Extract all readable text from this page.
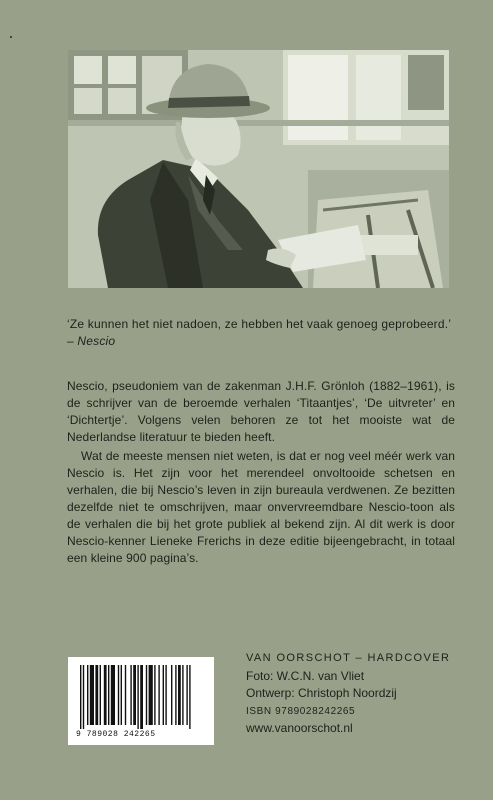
‘Ze kunnen het niet nadoen, ze hebben het vaak genoeg geprobeerd.’ – Nescio

Nescio, pseudoniem van de zakenman J.H.F. Grönloh (1882–1961), is de schrijver van de beroemde verhalen ‘Titaantjes’, ‘De uitvreter’ en ‘Dichtertje’. Volgens velen behoren ze tot het mooiste wat de Nederlandse literatuur te bieden heeft.

Wat de meeste mensen niet weten, is dat er nog veel méér werk van Nescio is. Het zijn voor het merendeel onvoltooide schetsen en verhalen, die bij Nescio’s leven in zijn bureaula verdwenen. Ze bezitten dezelfde niet te omschrijven, maar onvervreemdbare Nescio-toon als de verhalen die bij het grote publiek al bekend zijn. Al dit werk is door Nescio-kenner Lieneke Frerichs in deze editie bijeengebracht, in totaal een kleine 900 pagina’s.

9 789028 242265
VAN OORSCHOT – HARDCOVER
Foto: W.C.N. van Vliet
Ontwerp: Christoph Noordzij
ISBN 9789028242265
www.vanoorschot.nl
